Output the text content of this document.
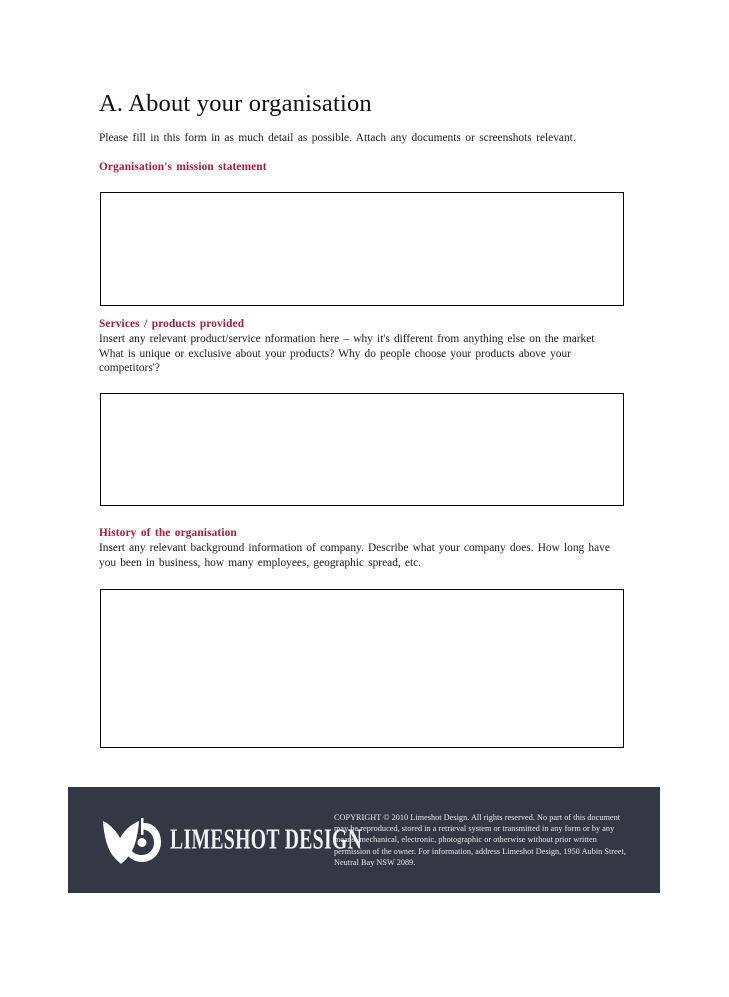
A. About your organisation
Please fill in this form in as much detail as possible. Attach any documents or screenshots relevant.
Organisation's mission statement
Services / products provided
Insert any relevant product/service nformation here – why it's different from anything else on the market What is unique or exclusive about your products? Why do people choose your products above your competitors'?
History of the organisation
Insert any relevant background information of company. Describe what your company does. How long have you been in business, how many employees, geographic spread, etc.
LIMESHOT DESIGN

COPYRIGHT © 2010 Limeshot Design. All rights reserved. No part of this document may be reproduced, stored in a retrieval system or transmitted in any form or by any means, mechanical, electronic, photographic or otherwise without prior written permission of the owner. For information, address Limeshot Design, 1950 Aubin Street, Neutral Bay NSW 2089.
